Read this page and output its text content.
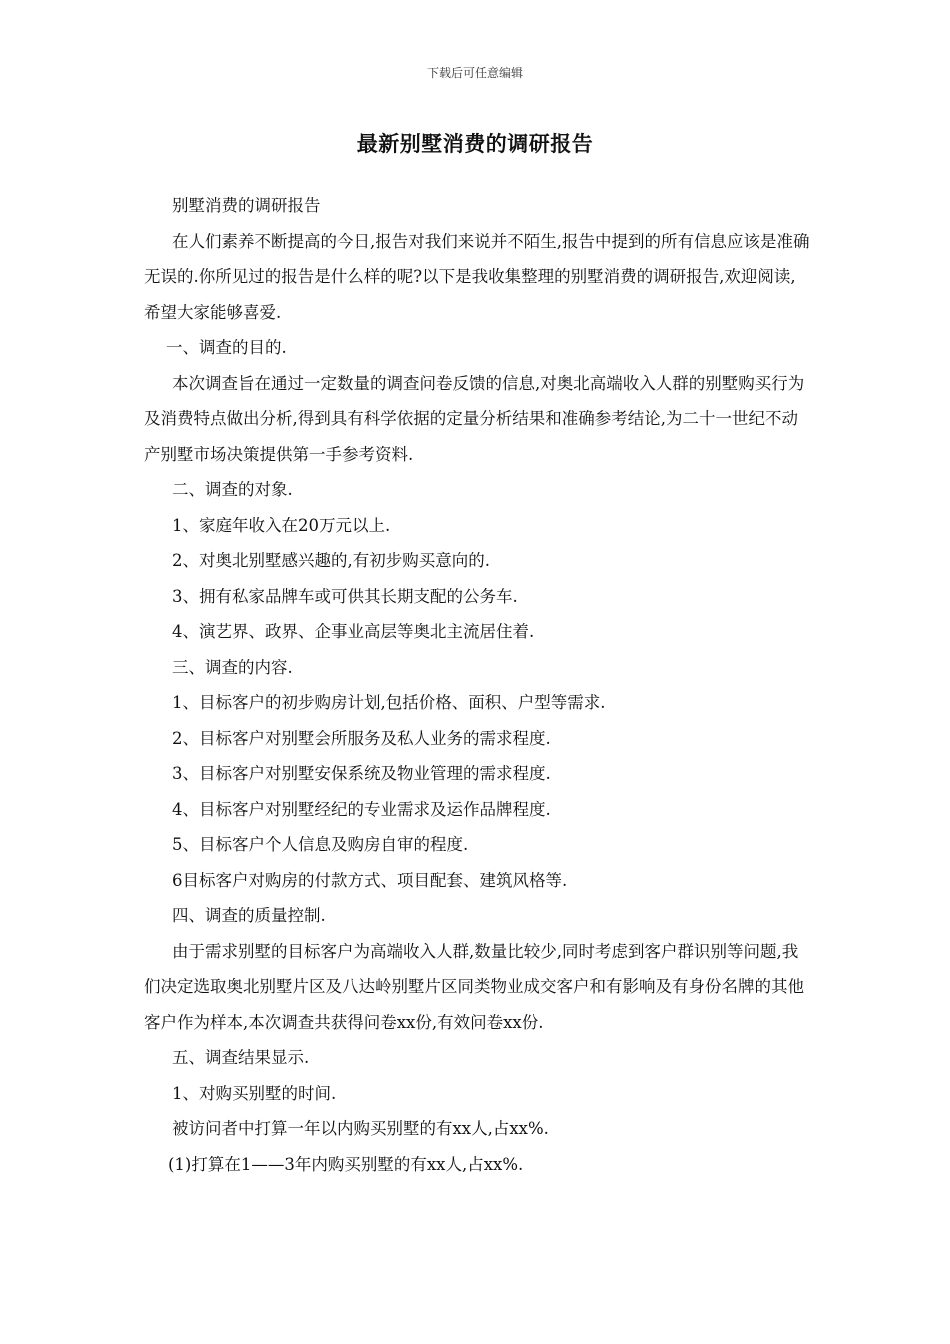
下载后可任意编辑
最新别墅消费的调研报告

别墅消费的调研报告

在人们素养不断提高的今日,报告对我们来说并不陌生,报告中提到的所有信息应该是准确无误的.你所见过的报告是什么样的呢?以下是我收集整理的别墅消费的调研报告,欢迎阅读,希望大家能够喜爱.

一、调查的目的.

本次调查旨在通过一定数量的调查问卷反馈的信息,对奥北高端收入人群的别墅购买行为及消费特点做出分析,得到具有科学依据的定量分析结果和准确参考结论,为二十一世纪不动产别墅市场决策提供第一手参考资料.

二、调查的对象.

1、家庭年收入在20万元以上.

2、对奥北别墅感兴趣的,有初步购买意向的.

3、拥有私家品牌车或可供其长期支配的公务车.

4、演艺界、政界、企事业高层等奥北主流居住着.

三、调查的内容.

1、目标客户的初步购房计划,包括价格、面积、户型等需求.

2、目标客户对别墅会所服务及私人业务的需求程度.

3、目标客户对别墅安保系统及物业管理的需求程度.

4、目标客户对别墅经纪的专业需求及运作品牌程度.

5、目标客户个人信息及购房自审的程度.

6目标客户对购房的付款方式、项目配套、建筑风格等.

四、调查的质量控制.

由于需求别墅的目标客户为高端收入人群,数量比较少,同时考虑到客户群识别等问题,我们决定选取奥北别墅片区及八达岭别墅片区同类物业成交客户和有影响及有身份名牌的其他客户作为样本,本次调查共获得问卷xx份,有效问卷xx份.

五、调查结果显示.

1、对购买别墅的时间.

被访问者中打算一年以内购买别墅的有xx人,占xx%.

(1)打算在1——3年内购买别墅的有xx人,占xx%.
